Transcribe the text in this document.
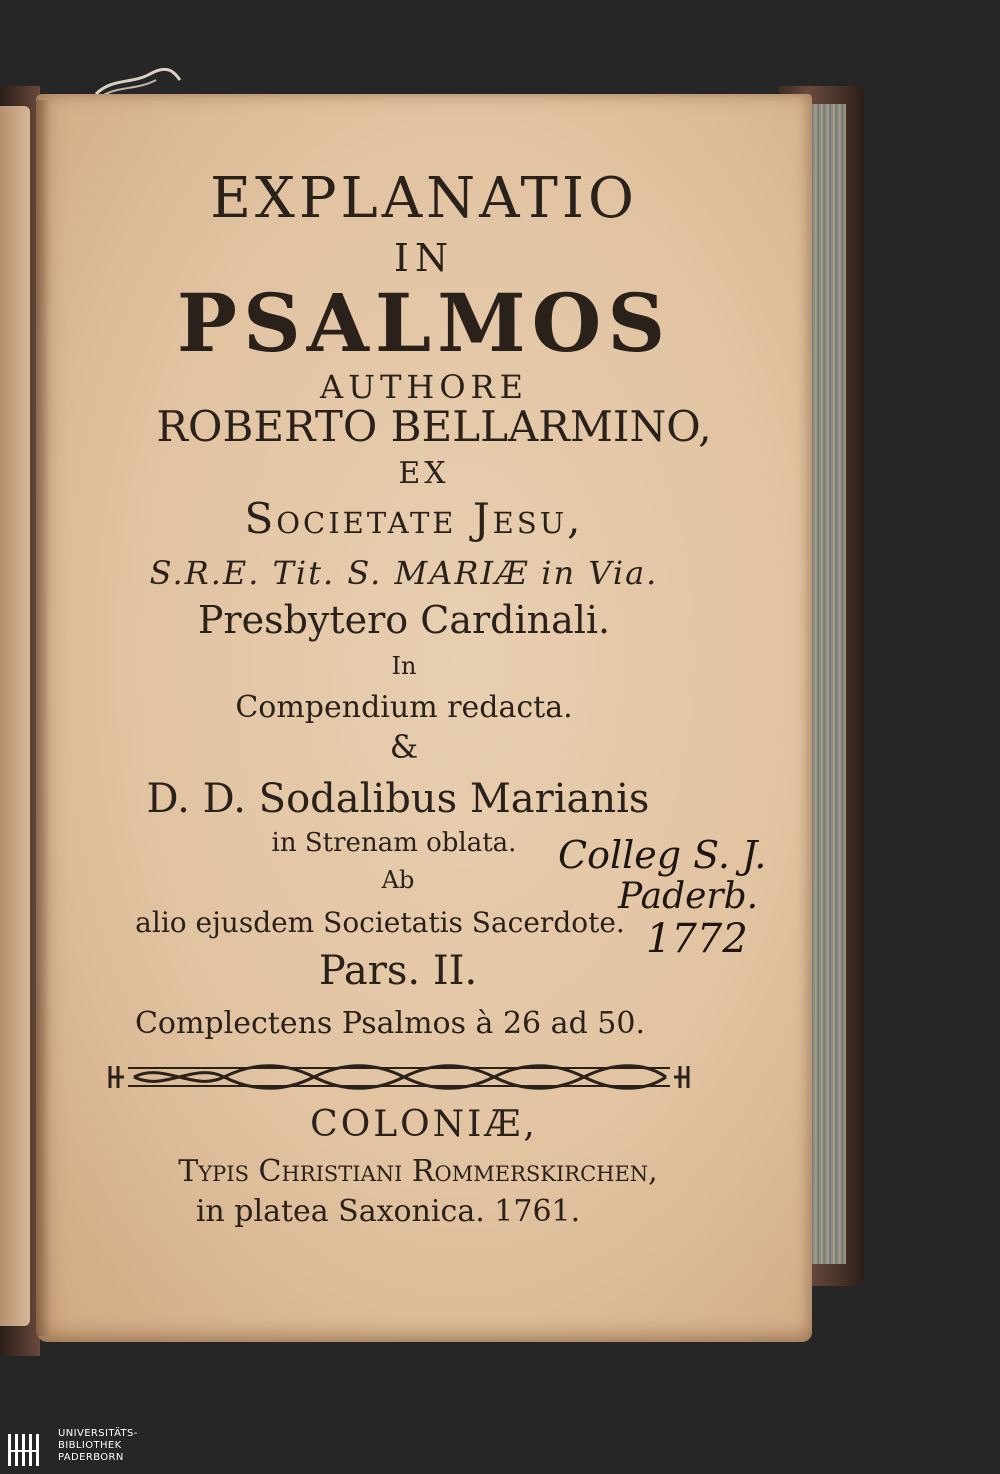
EXPLANATIO
IN
PSALMOS
AUTHORE
ROBERTO BELLARMINO,
EX
Societate Jesu,
S.R.E. Tit. S. MARIÆ in Via.
Presbytero Cardinali.
In
Compendium redacta.
&
D. D. Sodalibus Marianis
in Strenam oblata.
Ab
alio ejusdem Societatis Sacerdote.
Pars. II.
Complectens Psalmos à 26 ad 50.
COLONIÆ,
Typis Christiani Rommerskirchen,
in platea Saxonica. 1761.
Colleg S. J.
Paderb.
1772
UNIVERSITÄTS-
BIBLIOTHEK
PADERBORN
